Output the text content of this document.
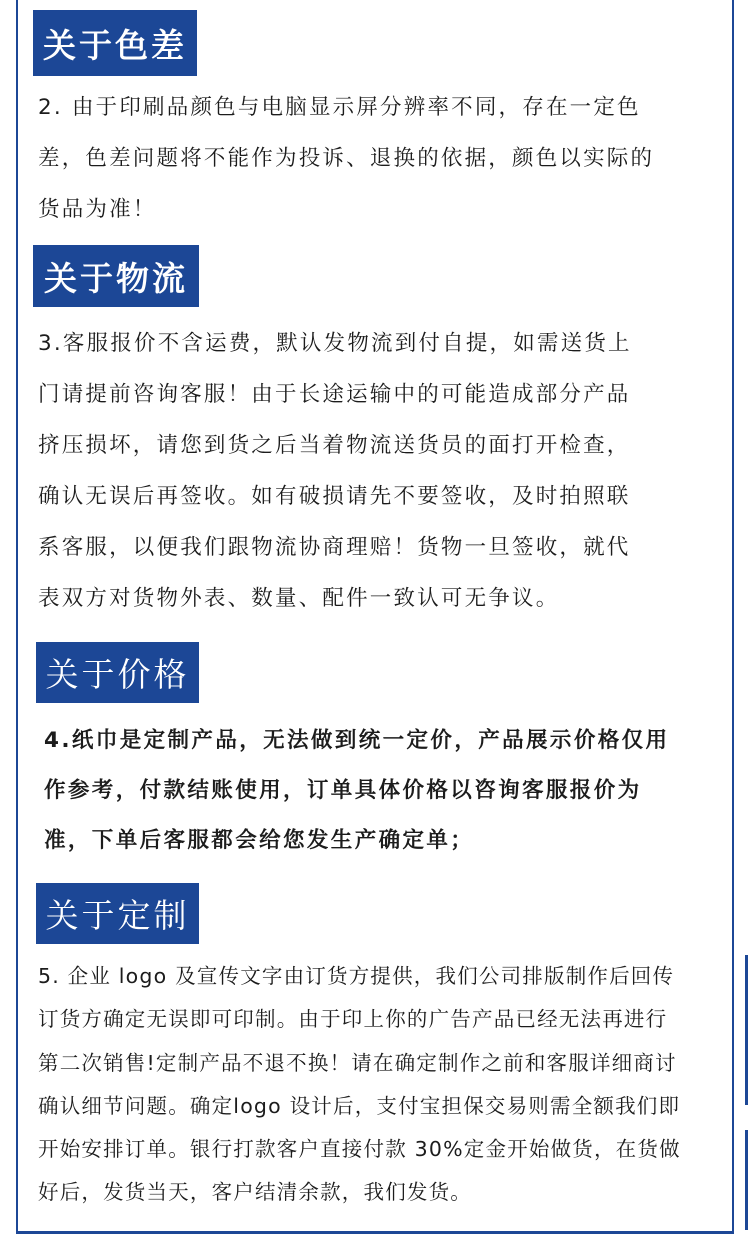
关于色差

2. 由于印刷品颜色与电脑显示屏分辨率不同，存在一定色
差，色差问题将不能作为投诉、退换的依据，颜色以实际的
货品为准！

关于物流

3.客服报价不含运费，默认发物流到付自提，如需送货上
门请提前咨询客服！由于长途运输中的可能造成部分产品
挤压损坏，请您到货之后当着物流送货员的面打开检查，
确认无误后再签收。如有破损请先不要签收，及时拍照联
系客服，以便我们跟物流协商理赔！货物一旦签收，就代
表双方对货物外表、数量、配件一致认可无争议。

关于价格

4.纸巾是定制产品，无法做到统一定价，产品展示价格仅用
作参考，付款结账使用，订单具体价格以咨询客服报价为
准，下单后客服都会给您发生产确定单；

关于定制

5. 企业 logo 及宣传文字由订货方提供，我们公司排版制作后回传
订货方确定无误即可印制。由于印上你的广告产品已经无法再进行
第二次销售!定制产品不退不换！请在确定制作之前和客服详细商讨
确认细节问题。确定logo 设计后，支付宝担保交易则需全额我们即
开始安排订单。银行打款客户直接付款 30%定金开始做货，在货做
好后，发货当天，客户结清余款，我们发货。
